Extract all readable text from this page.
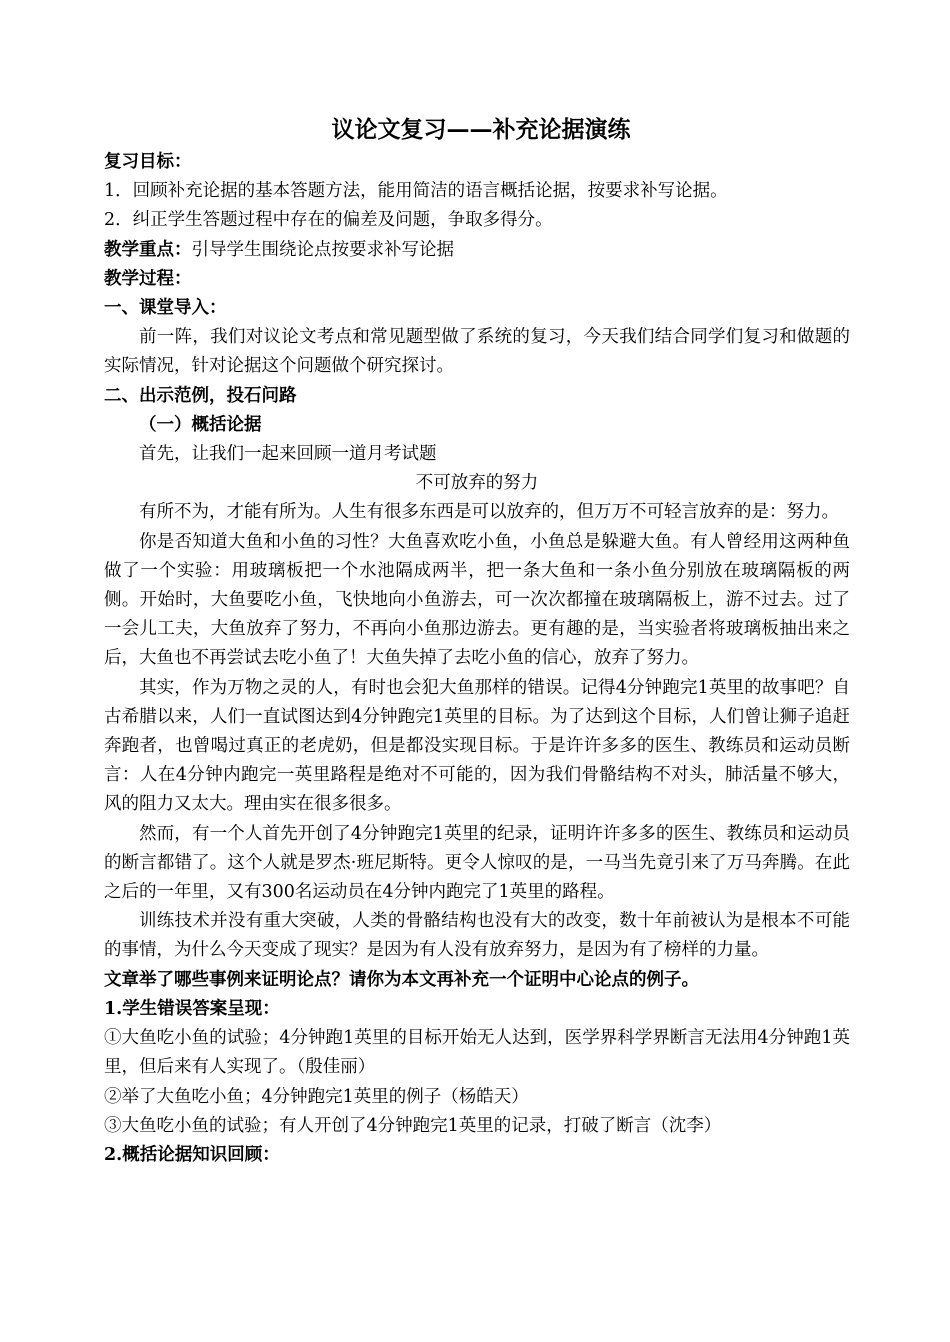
议论文复习——补充论据演练

复习目标：

1．回顾补充论据的基本答题方法，能用简洁的语言概括论据，按要求补写论据。

2．纠正学生答题过程中存在的偏差及问题，争取多得分。

教学重点：引导学生围绕论点按要求补写论据

教学过程：

一、课堂导入：

前一阵，我们对议论文考点和常见题型做了系统的复习，今天我们结合同学们复习和做题的实际情况，针对论据这个问题做个研究探讨。

二、出示范例，投石问路

（一）概括论据

首先，让我们一起来回顾一道月考试题

不可放弃的努力

有所不为，才能有所为。人生有很多东西是可以放弃的，但万万不可轻言放弃的是：努力。

你是否知道大鱼和小鱼的习性？大鱼喜欢吃小鱼，小鱼总是躲避大鱼。有人曾经用这两种鱼做了一个实验：用玻璃板把一个水池隔成两半，把一条大鱼和一条小鱼分别放在玻璃隔板的两侧。开始时，大鱼要吃小鱼，飞快地向小鱼游去，可一次次都撞在玻璃隔板上，游不过去。过了一会儿工夫，大鱼放弃了努力，不再向小鱼那边游去。更有趣的是，当实验者将玻璃板抽出来之后，大鱼也不再尝试去吃小鱼了！大鱼失掉了去吃小鱼的信心，放弃了努力。

其实，作为万物之灵的人，有时也会犯大鱼那样的错误。记得4分钟跑完1英里的故事吧？自古希腊以来，人们一直试图达到4分钟跑完1英里的目标。为了达到这个目标，人们曾让狮子追赶奔跑者，也曾喝过真正的老虎奶，但是都没实现目标。于是许许多多的医生、教练员和运动员断言：人在4分钟内跑完一英里路程是绝对不可能的，因为我们骨骼结构不对头，肺活量不够大，风的阻力又太大。理由实在很多很多。

然而，有一个人首先开创了4分钟跑完1英里的纪录，证明许许多多的医生、教练员和运动员的断言都错了。这个人就是罗杰·班尼斯特。更令人惊叹的是，一马当先竟引来了万马奔腾。在此之后的一年里，又有300名运动员在4分钟内跑完了1英里的路程。

训练技术并没有重大突破，人类的骨骼结构也没有大的改变，数十年前被认为是根本不可能的事情，为什么今天变成了现实？是因为有人没有放弃努力，是因为有了榜样的力量。

文章举了哪些事例来证明论点？请你为本文再补充一个证明中心论点的例子。

1.学生错误答案呈现：

①大鱼吃小鱼的试验；4分钟跑1英里的目标开始无人达到，医学界科学界断言无法用4分钟跑1英里，但后来有人实现了。（殷佳丽）

②举了大鱼吃小鱼；4分钟跑完1英里的例子（杨皓天）

③大鱼吃小鱼的试验；有人开创了4分钟跑完1英里的记录，打破了断言（沈李）

2.概括论据知识回顾：
